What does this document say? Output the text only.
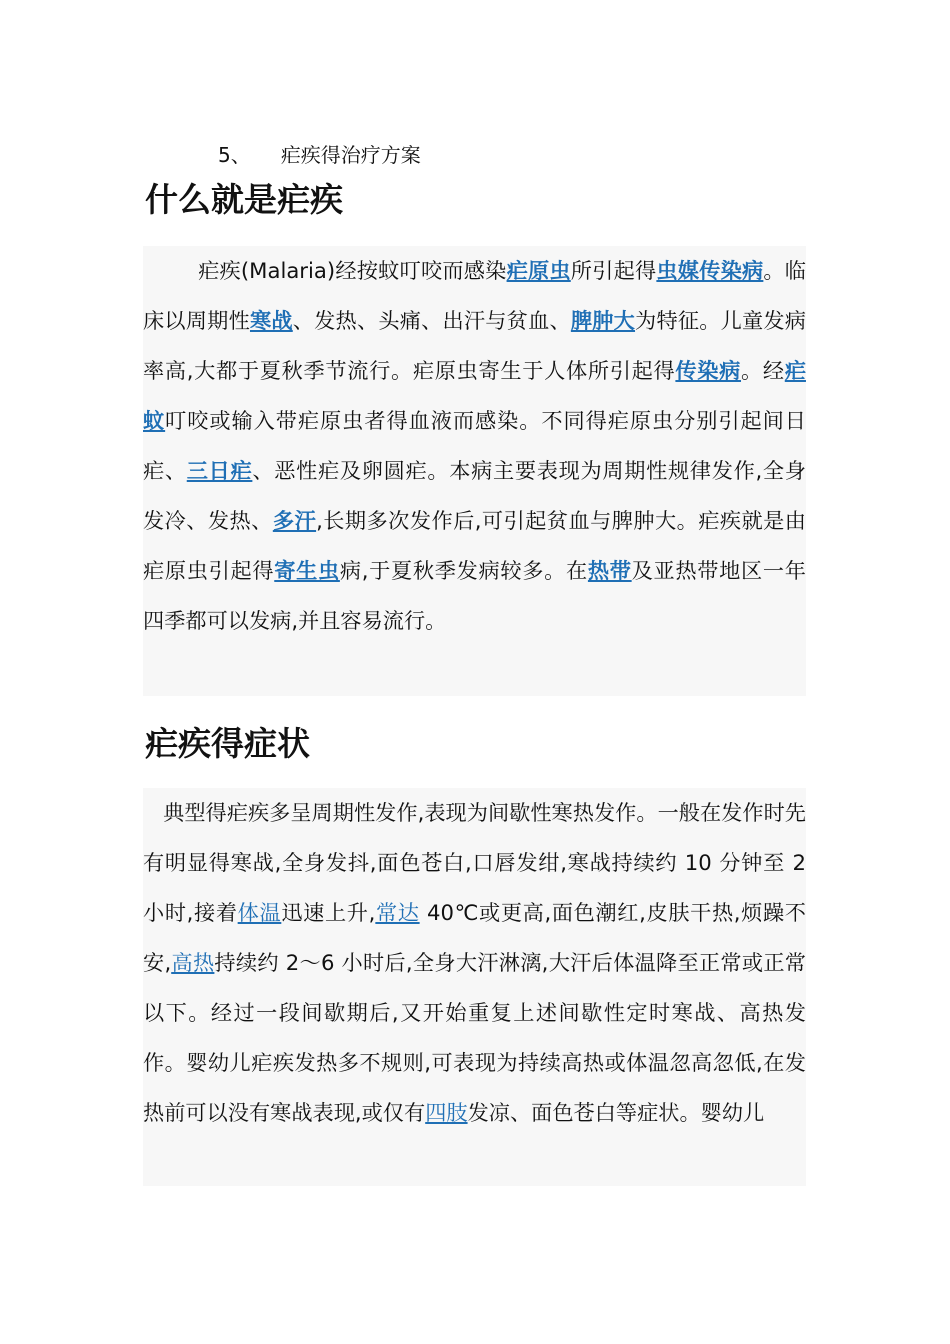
5、 疟疾得治疗方案
什么就是疟疾

疟疾(Malaria)经按蚊叮咬而感染疟原虫所引起得虫媒传染病。临床以周期性寒战、发热、头痛、出汗与贫血、脾肿大为特征。儿童发病率高,大都于夏秋季节流行。疟原虫寄生于人体所引起得传染病。经疟蚊叮咬或输入带疟原虫者得血液而感染。不同得疟原虫分别引起间日疟、三日疟、恶性疟及卵圆疟。本病主要表现为周期性规律发作,全身发冷、发热、多汗,长期多次发作后,可引起贫血与脾肿大。疟疾就是由疟原虫引起得寄生虫病,于夏秋季发病较多。在热带及亚热带地区一年四季都可以发病,并且容易流行。

疟疾得症状

典型得疟疾多呈周期性发作,表现为间歇性寒热发作。一般在发作时先有明显得寒战,全身发抖,面色苍白,口唇发绀,寒战持续约 10 分钟至 2 小时,接着体温迅速上升,常达 40℃或更高,面色潮红,皮肤干热,烦躁不安,高热持续约 2～6 小时后,全身大汗淋漓,大汗后体温降至正常或正常以下。经过一段间歇期后,又开始重复上述间歇性定时寒战、高热发作。婴幼儿疟疾发热多不规则,可表现为持续高热或体温忽高忽低,在发热前可以没有寒战表现,或仅有四肢发凉、面色苍白等症状。婴幼儿
